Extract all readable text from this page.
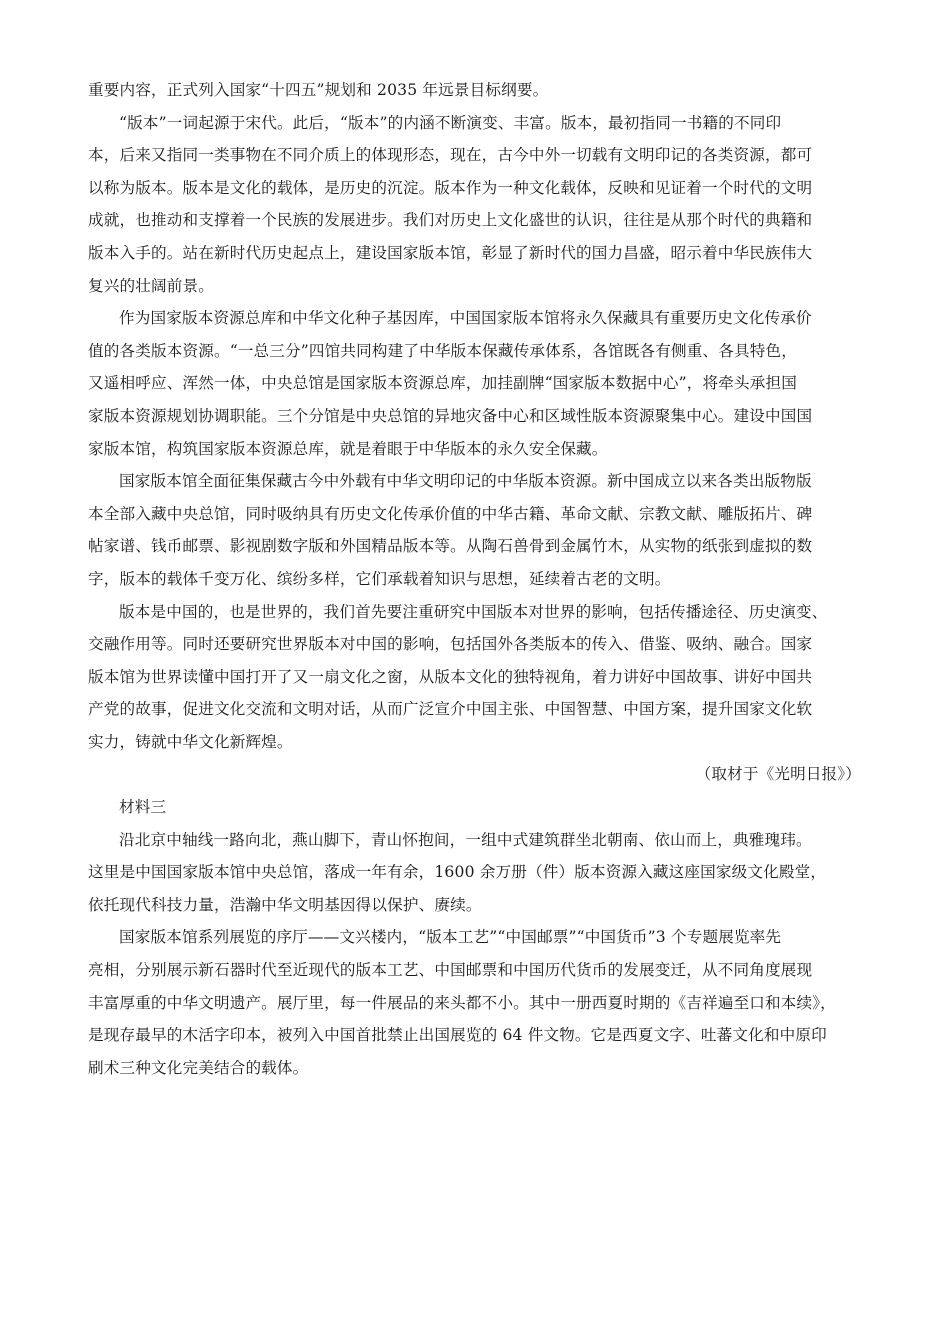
重要内容，正式列入国家“十四五”规划和 2035 年远景目标纲要。
“版本”一词起源于宋代。此后，“版本”的内涵不断演变、丰富。版本，最初指同一书籍的不同印
本，后来又指同一类事物在不同介质上的体现形态，现在，古今中外一切载有文明印记的各类资源，都可
以称为版本。版本是文化的载体，是历史的沉淀。版本作为一种文化载体，反映和见证着一个时代的文明
成就，也推动和支撑着一个民族的发展进步。我们对历史上文化盛世的认识，往往是从那个时代的典籍和
版本入手的。站在新时代历史起点上，建设国家版本馆，彰显了新时代的国力昌盛，昭示着中华民族伟大
复兴的壮阔前景。
作为国家版本资源总库和中华文化种子基因库，中国国家版本馆将永久保藏具有重要历史文化传承价
值的各类版本资源。“一总三分”四馆共同构建了中华版本保藏传承体系，各馆既各有侧重、各具特色，
又遥相呼应、浑然一体，中央总馆是国家版本资源总库，加挂副牌“国家版本数据中心”，将牵头承担国
家版本资源规划协调职能。三个分馆是中央总馆的异地灾备中心和区域性版本资源聚集中心。建设中国国
家版本馆，构筑国家版本资源总库，就是着眼于中华版本的永久安全保藏。
国家版本馆全面征集保藏古今中外载有中华文明印记的中华版本资源。新中国成立以来各类出版物版
本全部入藏中央总馆，同时吸纳具有历史文化传承价值的中华古籍、革命文献、宗教文献、雕版拓片、碑
帖家谱、钱币邮票、影视剧数字版和外国精品版本等。从陶石兽骨到金属竹木，从实物的纸张到虚拟的数
字，版本的载体千变万化、缤纷多样，它们承载着知识与思想，延续着古老的文明。
版本是中国的，也是世界的，我们首先要注重研究中国版本对世界的影响，包括传播途径、历史演变、
交融作用等。同时还要研究世界版本对中国的影响，包括国外各类版本的传入、借鉴、吸纳、融合。国家
版本馆为世界读懂中国打开了又一扇文化之窗，从版本文化的独特视角，着力讲好中国故事、讲好中国共
产党的故事，促进文化交流和文明对话，从而广泛宣介中国主张、中国智慧、中国方案，提升国家文化软
实力，铸就中华文化新辉煌。
（取材于《光明日报》）
材料三
沿北京中轴线一路向北，燕山脚下，青山怀抱间，一组中式建筑群坐北朝南、依山而上，典雅瑰玮。
这里是中国国家版本馆中央总馆，落成一年有余，1600 余万册（件）版本资源入藏这座国家级文化殿堂，
依托现代科技力量，浩瀚中华文明基因得以保护、赓续。
国家版本馆系列展览的序厅——文兴楼内，“版本工艺”“中国邮票”“中国货币”3 个专题展览率先
亮相，分别展示新石器时代至近现代的版本工艺、中国邮票和中国历代货币的发展变迁，从不同角度展现
丰富厚重的中华文明遗产。展厅里，每一件展品的来头都不小。其中一册西夏时期的《吉祥遍至口和本续》，
是现存最早的木活字印本，被列入中国首批禁止出国展览的 64 件文物。它是西夏文字、吐蕃文化和中原印
刷术三种文化完美结合的载体。
